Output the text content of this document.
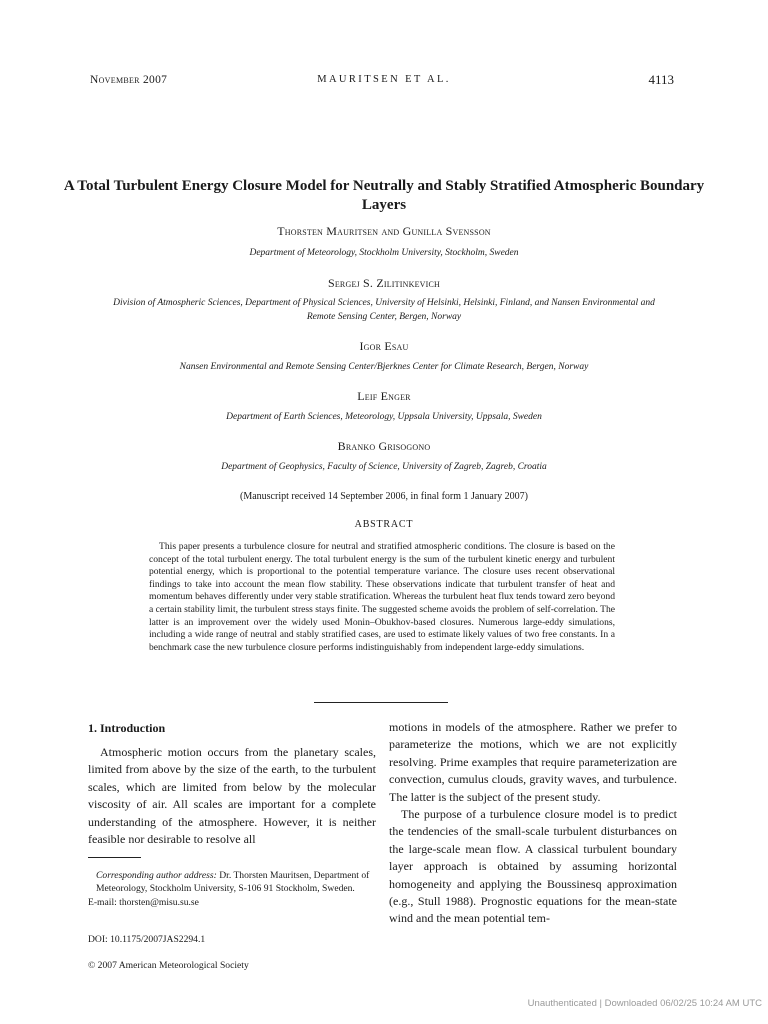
November 2007	MAURITSEN ET AL.	4113
A Total Turbulent Energy Closure Model for Neutrally and Stably Stratified Atmospheric Boundary Layers
Thorsten Mauritsen and Gunilla Svensson
Department of Meteorology, Stockholm University, Stockholm, Sweden
Sergej S. Zilitinkevich
Division of Atmospheric Sciences, Department of Physical Sciences, University of Helsinki, Helsinki, Finland, and Nansen Environmental and Remote Sensing Center, Bergen, Norway
Igor Esau
Nansen Environmental and Remote Sensing Center/Bjerknes Center for Climate Research, Bergen, Norway
Leif Enger
Department of Earth Sciences, Meteorology, Uppsala University, Uppsala, Sweden
Branko Grisogono
Department of Geophysics, Faculty of Science, University of Zagreb, Zagreb, Croatia
(Manuscript received 14 September 2006, in final form 1 January 2007)
ABSTRACT
This paper presents a turbulence closure for neutral and stratified atmospheric conditions. The closure is based on the concept of the total turbulent energy. The total turbulent energy is the sum of the turbulent kinetic energy and turbulent potential energy, which is proportional to the potential temperature variance. The closure uses recent observational findings to take into account the mean flow stability. These observations indicate that turbulent transfer of heat and momentum behaves differently under very stable stratification. Whereas the turbulent heat flux tends toward zero beyond a certain stability limit, the turbulent stress stays finite. The suggested scheme avoids the problem of self-correlation. The latter is an improvement over the widely used Monin–Obukhov-based closures. Numerous large-eddy simulations, including a wide range of neutral and stably stratified cases, are used to estimate likely values of two free constants. In a benchmark case the new turbulence closure performs indistinguishably from independent large-eddy simulations.
1. Introduction

Atmospheric motion occurs from the planetary scales, limited from above by the size of the earth, to the turbulent scales, which are limited from below by the molecular viscosity of air. All scales are important for a complete understanding of the atmosphere. However, it is neither feasible nor desirable to resolve all

motions in models of the atmosphere. Rather we prefer to parameterize the motions, which we are not explicitly resolving. Prime examples that require parameterization are convection, cumulus clouds, gravity waves, and turbulence. The latter is the subject of the present study.

The purpose of a turbulence closure model is to predict the tendencies of the small-scale turbulent disturbances on the large-scale mean flow. A classical turbulent boundary layer approach is obtained by assuming horizontal homogeneity and applying the Boussinesq approximation (e.g., Stull 1988). Prognostic equations for the mean-state wind and the mean potential tem-

Corresponding author address: Dr. Thorsten Mauritsen, Department of Meteorology, Stockholm University, S-106 91 Stockholm, Sweden.
E-mail: thorsten@misu.su.se
DOI: 10.1175/2007JAS2294.1
© 2007 American Meteorological Society
Unauthenticated | Downloaded 06/02/25 10:24 AM UTC
